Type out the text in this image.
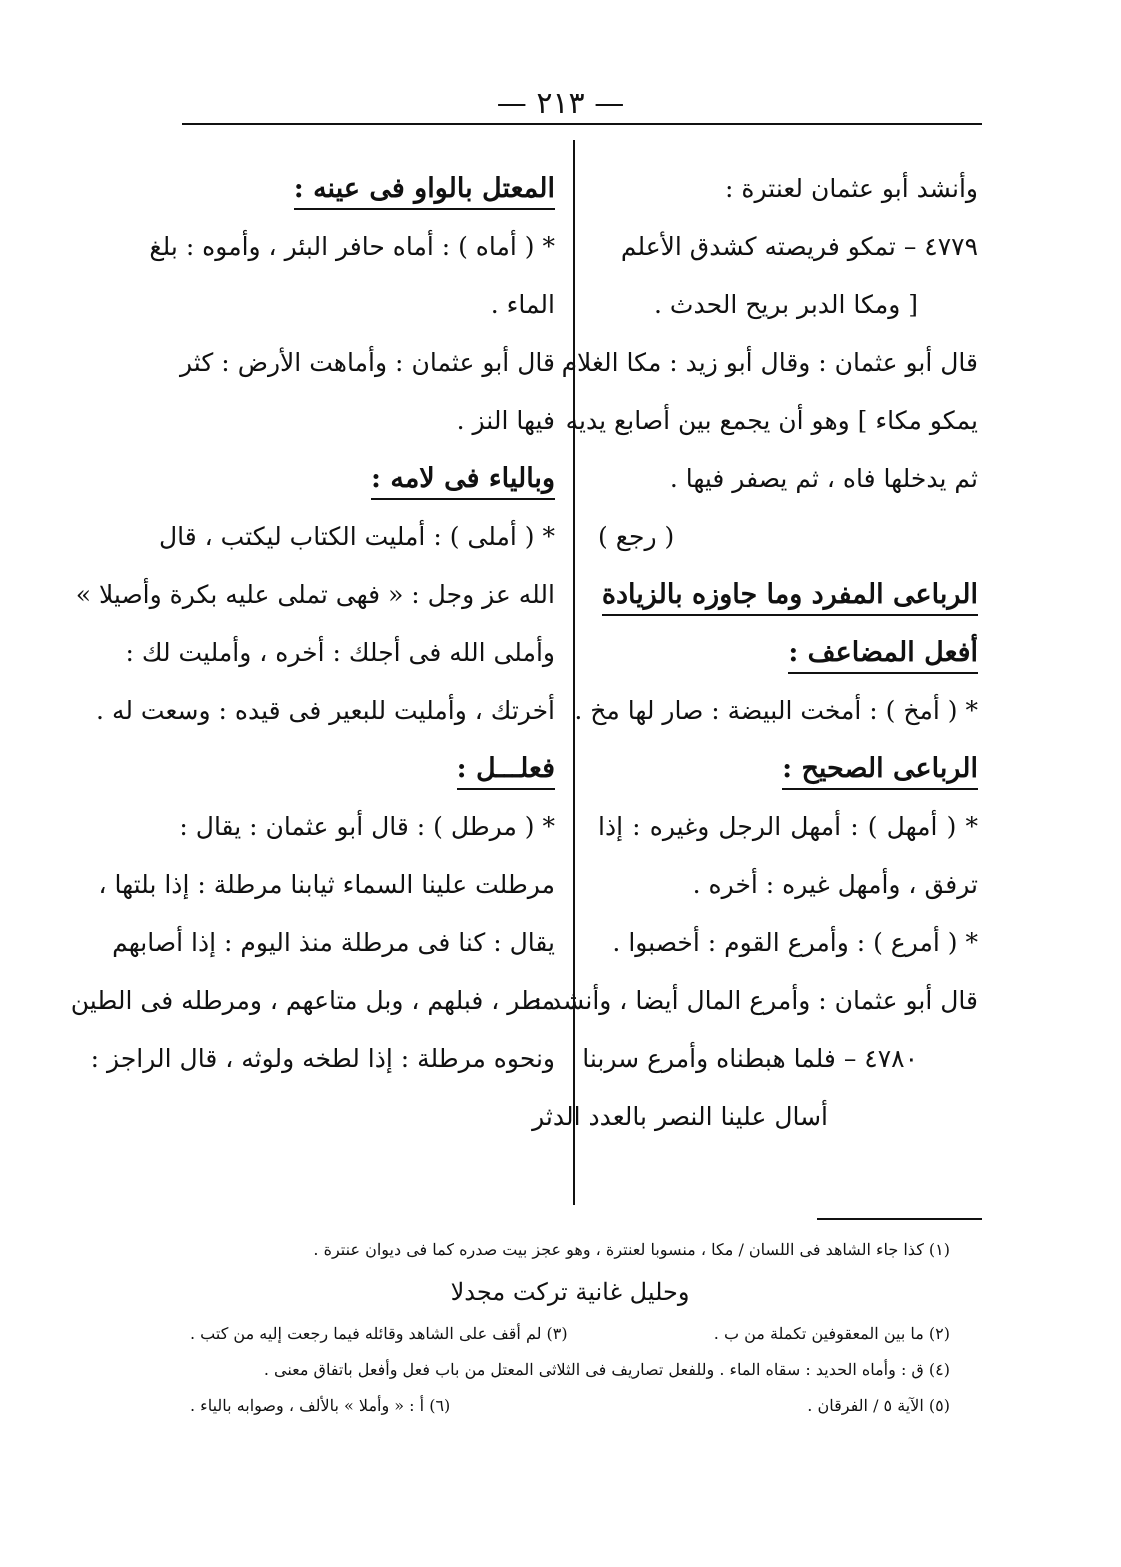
— ٢١٣ —
وأنشد أبو عثمان لعنترة :
٤٧٧٩ – تمكو فريصته كشدق الأعلم
[ ومكا الدبر بريح الحدث .
قال أبو عثمان : وقال أبو زيد : مكا الغلام
يمكو مكاء ] وهو أن يجمع بين أصابع يديه
ثم يدخلها فاه ، ثم يصفر فيها .
( رجع )
الرباعى المفرد وما جاوزه بالزيادة
أفعل المضاعف :
* ( أمخ ) : أمخت البيضة : صار لها مخ .
الرباعى الصحيح :
* ( أمهل ) : أمهل الرجل وغيره : إذا
ترفق ، وأمهل غيره : أخره .
* ( أمرع ) : وأمرع القوم : أخصبوا .
قال أبو عثمان : وأمرع المال أيضا ، وأنشد :
٤٧٨٠ – فلما هبطناه وأمرع سربنا
أسال علينا النصر بالعدد الدثر
المعتل بالواو فى عينه :
* ( أماه ) : أماه حافر البئر ، وأموه : بلغ
الماء .
قال أبو عثمان : وأماهت الأرض : كثر
فيها النز .
وبالياء فى لامه :
* ( أملى ) : أمليت الكتاب ليكتب ، قال
الله عز وجل : « فهى تملى عليه بكرة وأصيلا »
وأملى الله فى أجلك : أخره ، وأمليت لك :
أخرتك ، وأمليت للبعير فى قيده : وسعت له .
فعلـــل :
* ( مرطل ) : قال أبو عثمان : يقال :
مرطلت علينا السماء ثيابنا مرطلة : إذا بلتها ،
يقال : كنا فى مرطلة منذ اليوم : إذا أصابهم
مطر ، فبلهم ، وبل متاعهم ، ومرطله فى الطين
ونحوه مرطلة : إذا لطخه ولوثه ، قال الراجز :
(١) كذا جاء الشاهد فى اللسان / مكا ، منسوبا لعنترة ، وهو عجز بيت صدره كما فى ديوان عنترة .
وحليل غانية تركت مجدلا
(٢) ما بين المعقوفين تكملة من ب .
(٣) لم أقف على الشاهد وقائله فيما رجعت إليه من كتب .
(٤) ق : وأماه الحديد : سقاه الماء . وللفعل تصاريف فى الثلاثى المعتل من باب فعل وأفعل باتفاق معنى .
(٥) الآية ٥ / الفرقان .
(٦) أ : « وأملا » بالألف ، وصوابه بالياء .
